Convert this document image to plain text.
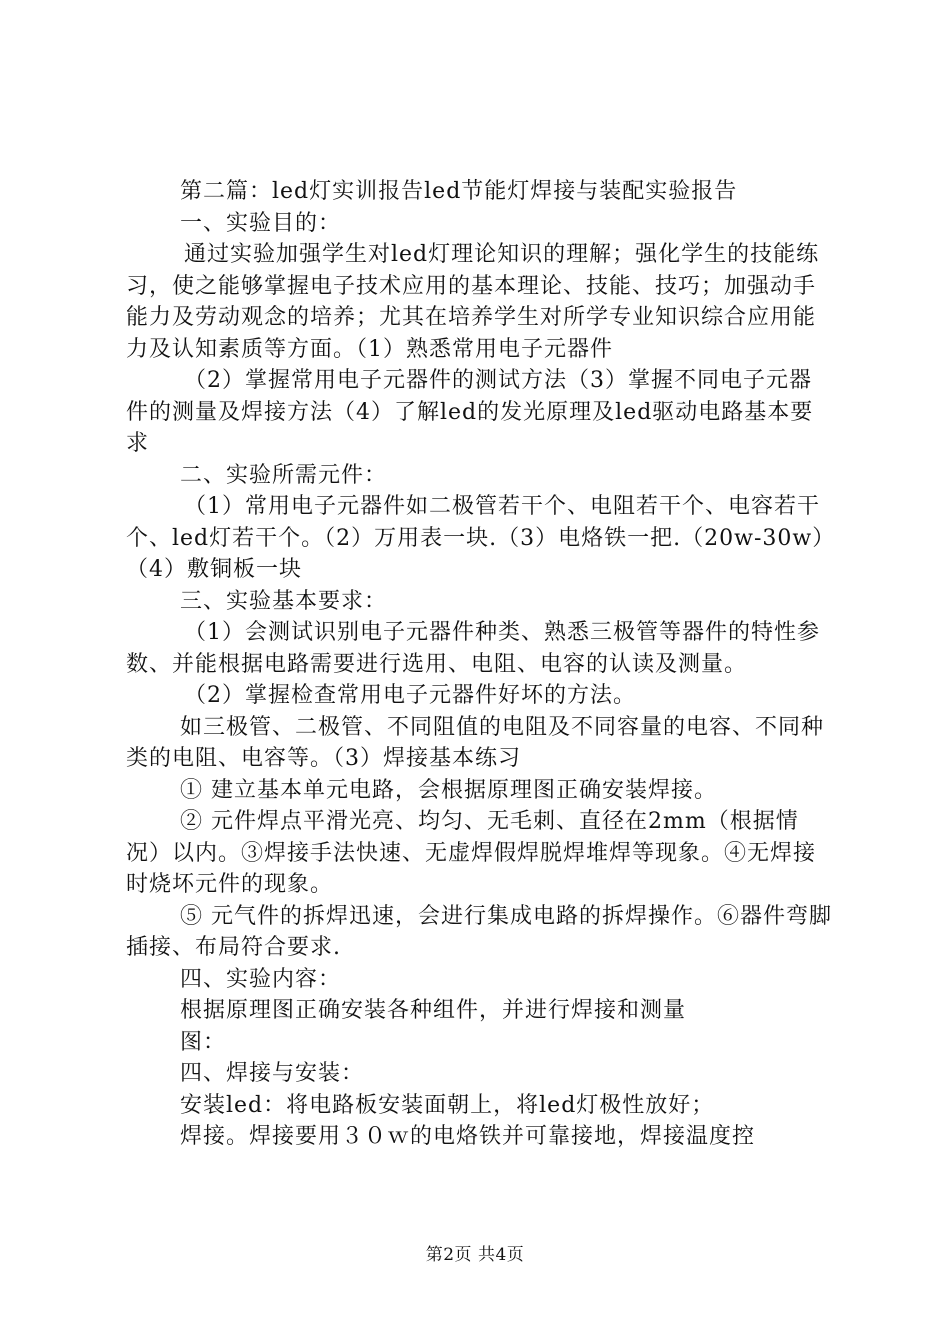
第二篇：led灯实训报告led节能灯焊接与装配实验报告

一、实验目的：

通过实验加强学生对led灯理论知识的理解；强化学生的技能练习，使之能够掌握电子技术应用的基本理论、技能、技巧；加强动手能力及劳动观念的培养；尤其在培养学生对所学专业知识综合应用能力及认知素质等方面。（1）熟悉常用电子元器件

（2）掌握常用电子元器件的测试方法（3）掌握不同电子元器件的测量及焊接方法（4）了解led的发光原理及led驱动电路基本要求

二、实验所需元件：

（1）常用电子元器件如二极管若干个、电阻若干个、电容若干个、led灯若干个。（2）万用表一块.（3）电烙铁一把.（20w-30w）（4）敷铜板一块

三、实验基本要求：

（1）会测试识别电子元器件种类、熟悉三极管等器件的特性参数、并能根据电路需要进行选用、电阻、电容的认读及测量。

（2）掌握检查常用电子元器件好坏的方法。

如三极管、二极管、不同阻值的电阻及不同容量的电容、不同种类的电阻、电容等。（3）焊接基本练习

① 建立基本单元电路，会根据原理图正确安装焊接。

② 元件焊点平滑光亮、均匀、无毛刺、直径在2mm（根据情况）以内。③焊接手法快速、无虚焊假焊脱焊堆焊等现象。④无焊接时烧坏元件的现象。

⑤ 元气件的拆焊迅速，会进行集成电路的拆焊操作。⑥器件弯脚插接、布局符合要求.

四、实验内容：

根据原理图正确安装各种组件，并进行焊接和测量

图：

四、焊接与安装：

安装led：将电路板安装面朝上，将led灯极性放好；

焊接。焊接要用３０ｗ的电烙铁并可靠接地，焊接温度控

第2页 共4页
